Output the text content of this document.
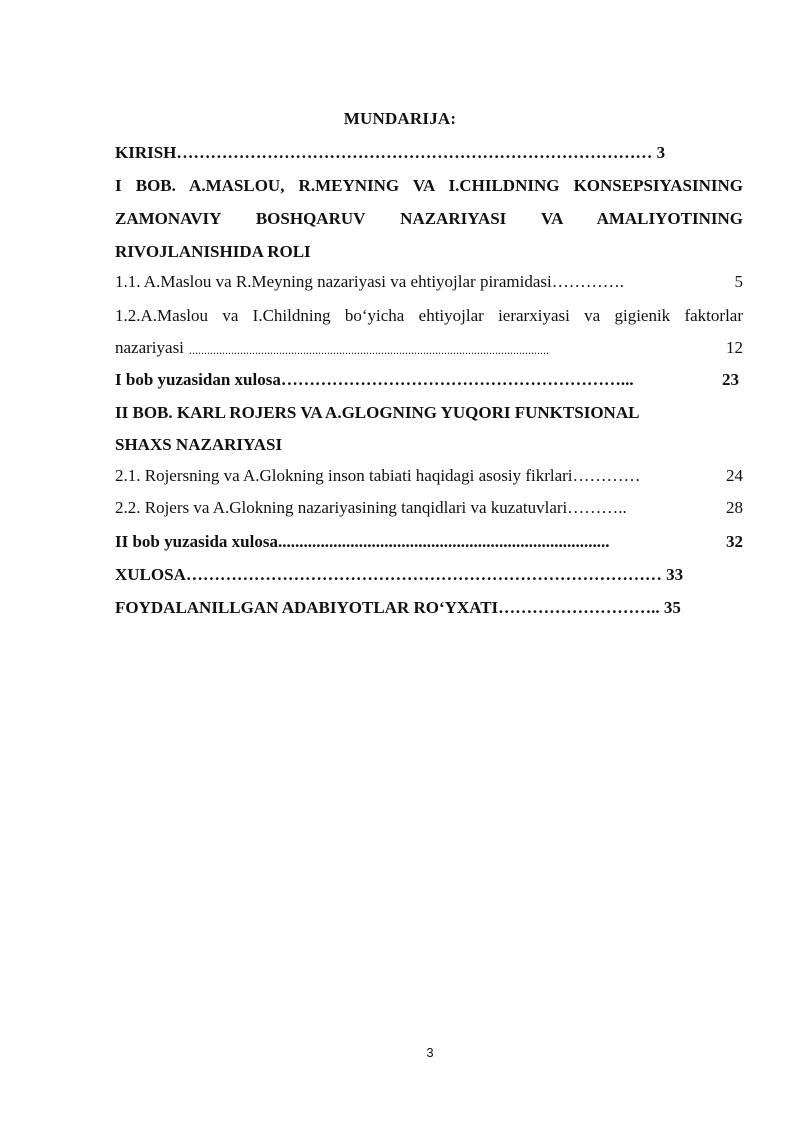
MUNDARIJA:
KIRISH………………………………………………………………………… 3
I BOB. A.MASLOU, R.MEYNING VA I.CHILDNING KONSEPSIYASINING
ZAMONAVIY BOSHQARUV NAZARIYASI VA AMALIYOTINING
RIVOJLANISHIDA ROLI
1.1. A.Maslou va R.Meyning nazariyasi va ehtiyojlar piramidasi………….	5
1.2.A.Maslou va I.Childning bo‘yicha ehtiyojlar ierarxiyasi va gigienik faktorlar
nazariyasi ........................................................................................................................	12
I bob yuzasidan xulosa……………………………………………………...	23
II BOB. KARL ROJERS VA A.GLOGNING YUQORI FUNKTSIONAL
SHAXS NAZARIYASI
2.1. Rojersning va A.Glokning inson tabiati haqidagi asosiy fikrlari…………	24
2.2. Rojers va A.Glokning nazariyasining tanqidlari va kuzatuvlari………..	28
II bob yuzasida xulosa..............................................................................	32
XULOSA………………………………………………………………………… 33
FOYDALANILLGAN ADABIYOTLAR RO‘YXATI……………………….. 35
3
